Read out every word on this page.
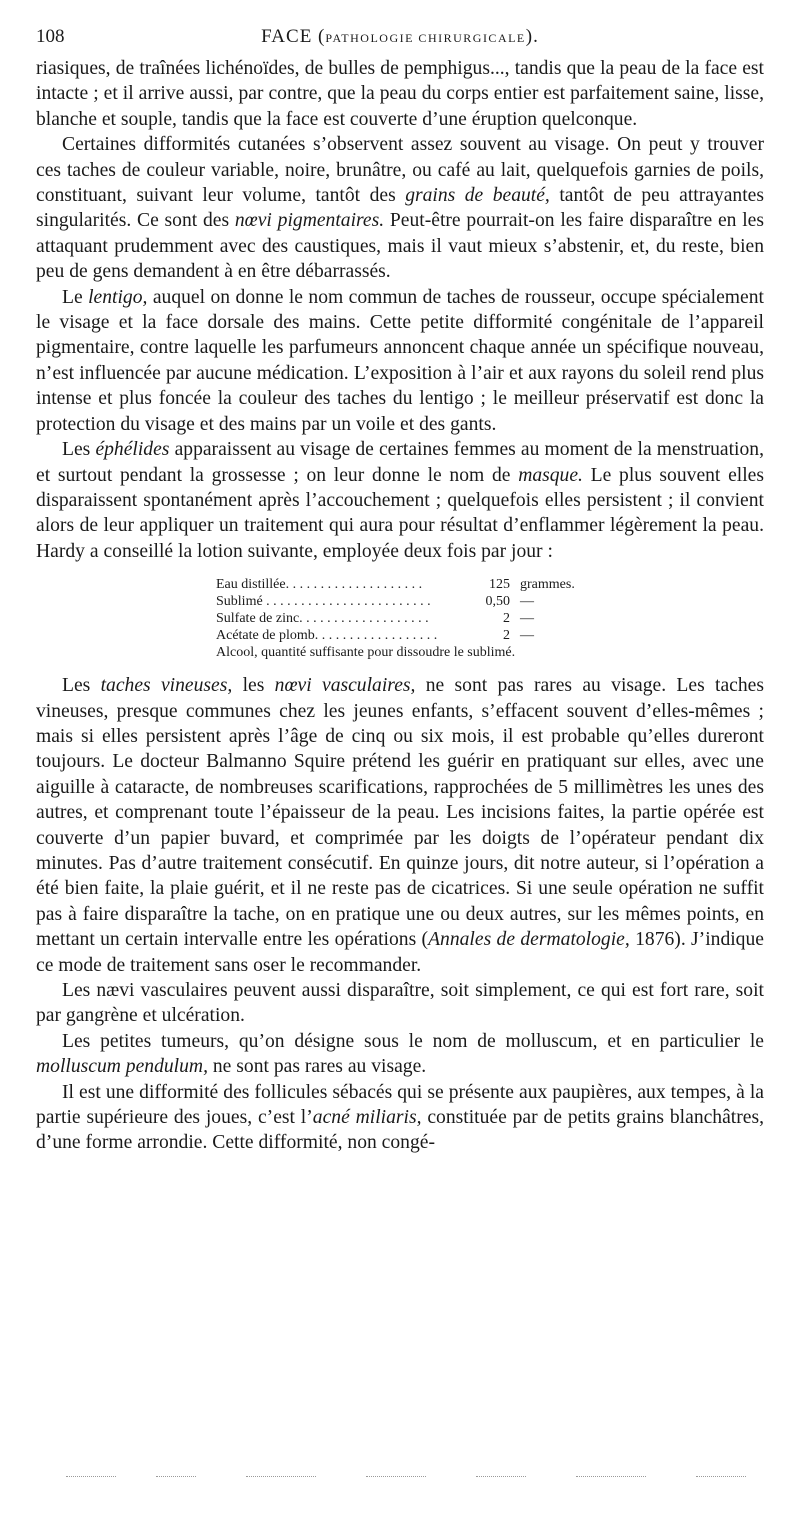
108	FACE (PATHOLOGIE CHIRURGICALE).

riasiques, de traînées lichénoïdes, de bulles de pemphigus..., tandis que la peau de la face est intacte ; et il arrive aussi, par contre, que la peau du corps entier est parfaitement saine, lisse, blanche et souple, tandis que la face est couverte d’une éruption quelconque.

Certaines difformités cutanées s’observent assez souvent au visage. On peut y trouver ces taches de couleur variable, noire, brunâtre, ou café au lait, quelquefois garnies de poils, constituant, suivant leur volume, tantôt des grains de beauté, tantôt de peu attrayantes singularités. Ce sont des nœvi pigmentaires. Peut-être pourrait-on les faire disparaître en les attaquant prudemment avec des caustiques, mais il vaut mieux s’abstenir, et, du reste, bien peu de gens demandent à en être débarrassés.

Le lentigo, auquel on donne le nom commun de taches de rousseur, occupe spécialement le visage et la face dorsale des mains. Cette petite difformité congénitale de l’appareil pigmentaire, contre laquelle les parfumeurs annoncent chaque année un spécifique nouveau, n’est influencée par aucune médication. L’exposition à l’air et aux rayons du soleil rend plus intense et plus foncée la couleur des taches du lentigo ; le meilleur préservatif est donc la protection du visage et des mains par un voile et des gants.

Les éphélides apparaissent au visage de certaines femmes au moment de la menstruation, et surtout pendant la grossesse ; on leur donne le nom de masque. Le plus souvent elles disparaissent spontanément après l’accouchement ; quelquefois elles persistent ; il convient alors de leur appliquer un traitement qui aura pour résultat d’enflammer légèrement la peau. Hardy a conseillé la lotion suivante, employée deux fois par jour :

Eau distillée. . . . . . . . . . . . . . . . . . . .	125 grammes.
Sublimé . . . . . . . . . . . . . . . . . . . . . . . .	0,50 —
Sulfate de zinc. . . . . . . . . . . . . . . . . . .	2 —
Acétate de plomb. . . . . . . . . . . . . . . . . .	2 —
Alcool, quantité suffisante pour dissoudre le sublimé.

Les taches vineuses, les nœvi vasculaires, ne sont pas rares au visage. Les taches vineuses, presque communes chez les jeunes enfants, s’effacent souvent d’elles-mêmes ; mais si elles persistent après l’âge de cinq ou six mois, il est probable qu’elles dureront toujours. Le docteur Balmanno Squire prétend les guérir en pratiquant sur elles, avec une aiguille à cataracte, de nombreuses scarifications, rapprochées de 5 millimètres les unes des autres, et comprenant toute l’épaisseur de la peau. Les incisions faites, la partie opérée est couverte d’un papier buvard, et comprimée par les doigts de l’opérateur pendant dix minutes. Pas d’autre traitement consécutif. En quinze jours, dit notre auteur, si l’opération a été bien faite, la plaie guérit, et il ne reste pas de cicatrices. Si une seule opération ne suffit pas à faire disparaître la tache, on en pratique une ou deux autres, sur les mêmes points, en mettant un certain intervalle entre les opérations (Annales de dermatologie, 1876). J’indique ce mode de traitement sans oser le recommander.

Les nævi vasculaires peuvent aussi disparaître, soit simplement, ce qui est fort rare, soit par gangrène et ulcération.

Les petites tumeurs, qu’on désigne sous le nom de molluscum, et en particulier le molluscum pendulum, ne sont pas rares au visage.

Il est une difformité des follicules sébacés qui se présente aux paupières, aux tempes, à la partie supérieure des joues, c’est l’acné miliaris, constituée par de petits grains blanchâtres, d’une forme arrondie. Cette difformité, non congé-
